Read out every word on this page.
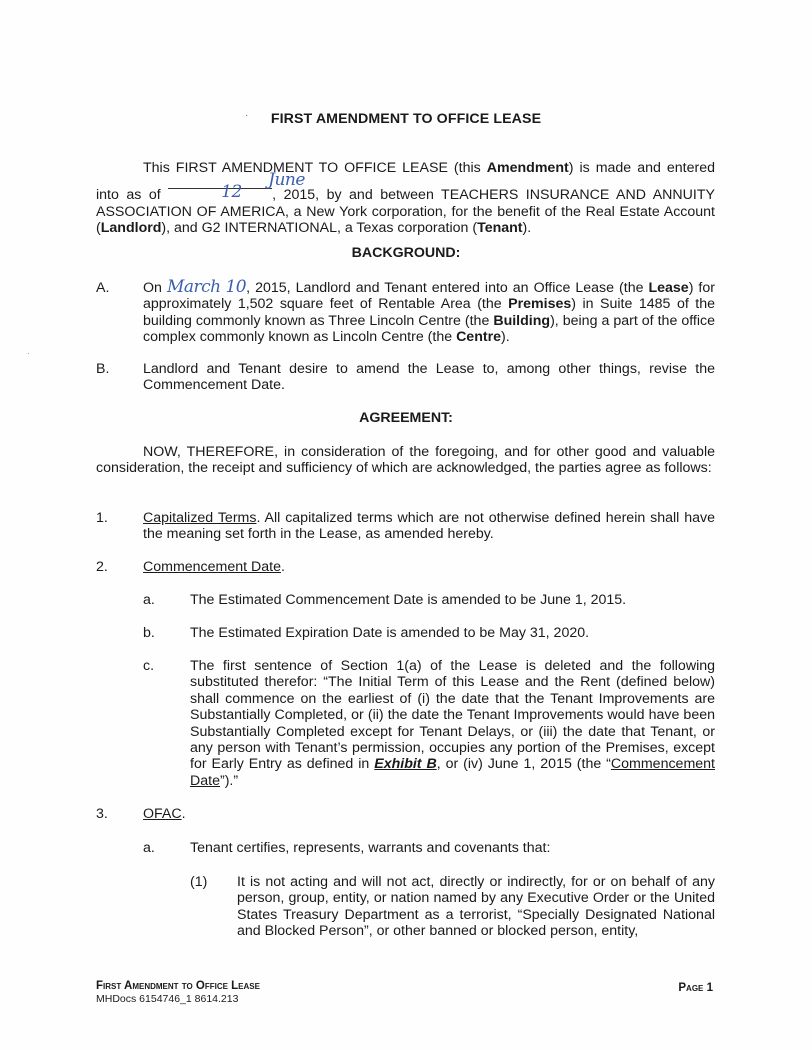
·	FIRST AMENDMENT TO OFFICE LEASE
This FIRST AMENDMENT TO OFFICE LEASE (this Amendment) is made and entered into as of June 12 , 2015, by and between TEACHERS INSURANCE AND ANNUITY ASSOCIATION OF AMERICA, a New York corporation, for the benefit of the Real Estate Account (Landlord), and G2 INTERNATIONAL, a Texas corporation (Tenant).
BACKGROUND:
A. On March 10, 2015, Landlord and Tenant entered into an Office Lease (the Lease) for approximately 1,502 square feet of Rentable Area (the Premises) in Suite 1485 of the building commonly known as Three Lincoln Centre (the Building), being a part of the office complex commonly known as Lincoln Centre (the Centre).
·
B. Landlord and Tenant desire to amend the Lease to, among other things, revise the Commencement Date.
AGREEMENT:
NOW, THEREFORE, in consideration of the foregoing, and for other good and valuable consideration, the receipt and sufficiency of which are acknowledged, the parties agree as follows:
1. Capitalized Terms. All capitalized terms which are not otherwise defined herein shall have the meaning set forth in the Lease, as amended hereby.
2. Commencement Date.
a. The Estimated Commencement Date is amended to be June 1, 2015.
b. The Estimated Expiration Date is amended to be May 31, 2020.
c.	The first sentence of Section 1(a) of the Lease is deleted and the following substituted therefor: “The Initial Term of this Lease and the Rent (defined below) shall commence on the earliest of (i) the date that the Tenant Improvements are Substantially Completed, or (ii) the date the Tenant Improvements would have been Substantially Completed except for Tenant Delays, or (iii) the date that Tenant, or any person with Tenant’s permission, occupies any portion of the Premises, except for Early Entry as defined in Exhibit B, or (iv) June 1, 2015 (the “Commencement Date”).”
3. OFAC.
a. Tenant certifies, represents, warrants and covenants that:
(1) It is not acting and will not act, directly or indirectly, for or on behalf of any person, group, entity, or nation named by any Executive Order or the United States Treasury Department as a terrorist, “Specially Designated National and Blocked Person”, or other banned or blocked person, entity,
First Amendment to Office Lease
MHDocs 6154746_1 8614.213
Page 1
